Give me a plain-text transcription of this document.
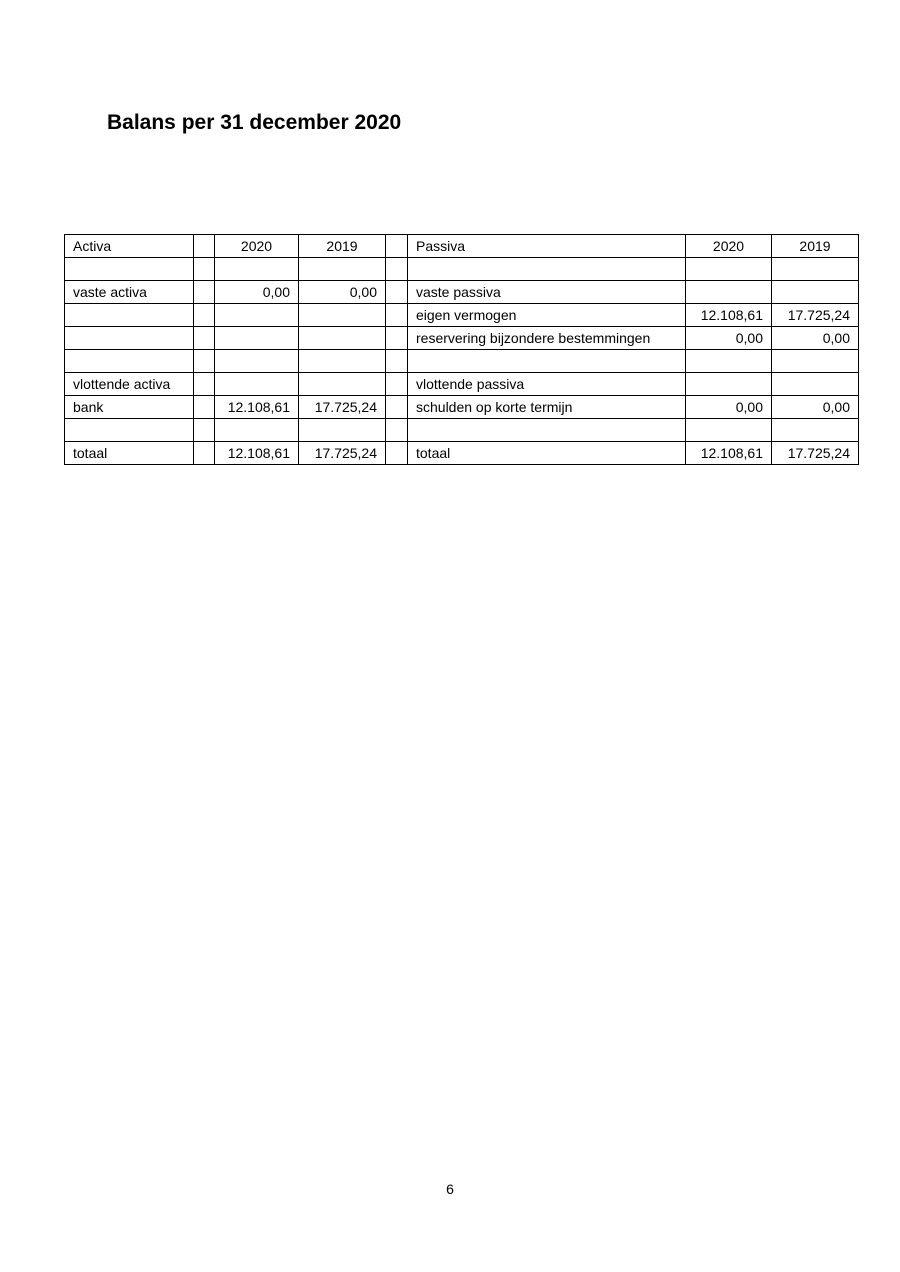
Balans per 31 december 2020
Activa		2020	2019		Passiva	2020	2019

vaste activa		0,00	0,00		vaste passiva		
					eigen vermogen	12.108,61	17.725,24
					reservering bijzondere bestemmingen	0,00	0,00

vlottende activa					vlottende passiva		
bank		12.108,61	17.725,24		schulden op korte termijn	0,00	0,00

totaal		12.108,61	17.725,24		totaal	12.108,61	17.725,24
6
